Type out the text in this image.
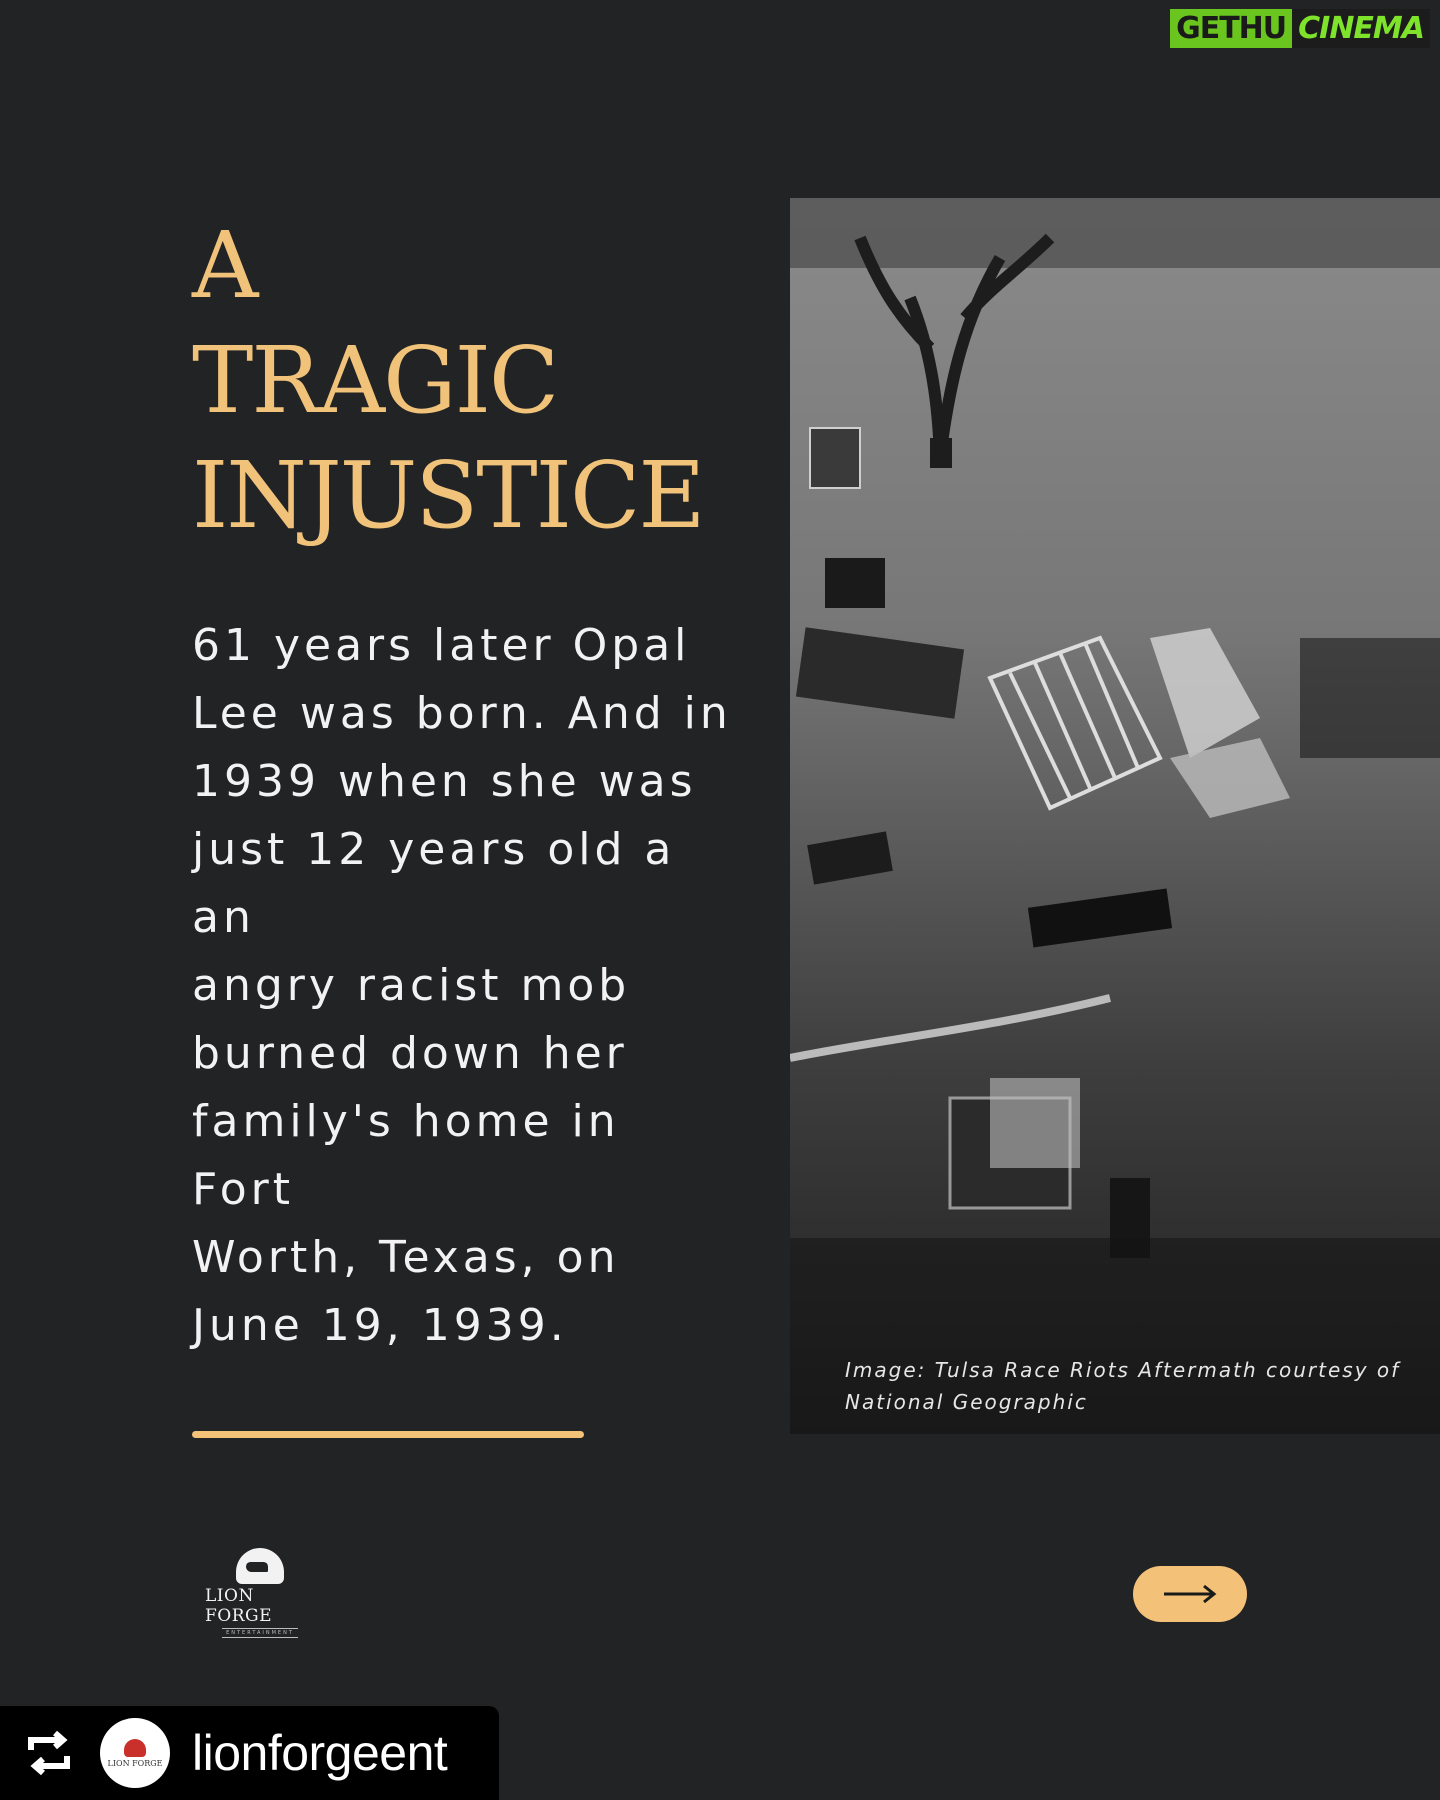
GETHU CINEMA
A
TRAGIC
INJUSTICE
61 years later Opal
Lee was born. And in
1939 when she was
just 12 years old a an
angry racist mob
burned down her
family's home in Fort
Worth, Texas, on
June 19, 1939.
Image: Tulsa Race Riots Aftermath courtesy of
National Geographic
LION FORGE
ENTERTAINMENT
LION FORGE lionforgeent
